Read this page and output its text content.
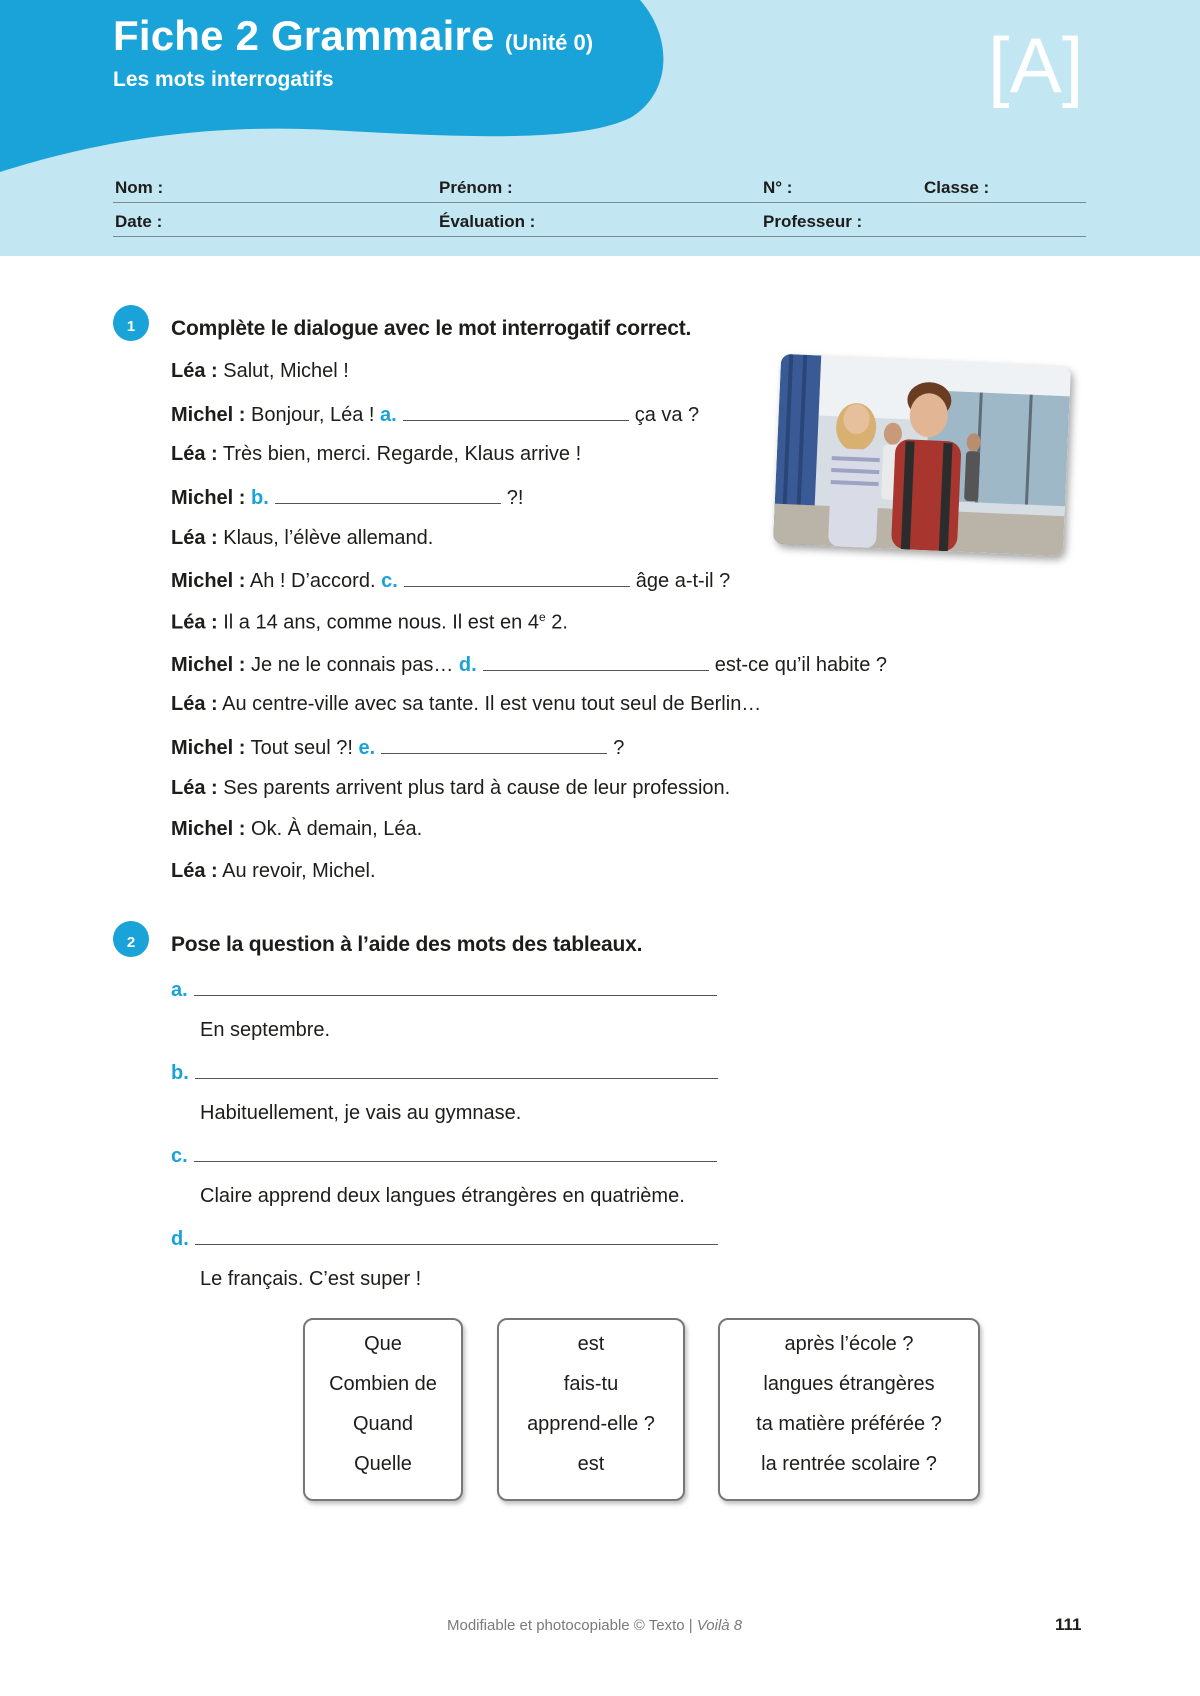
Fiche 2 Grammaire (Unité 0)
Les mots interrogatifs	[A]
Nom :	Prénom :	N° :	Classe :
Date :	Évaluation :	Professeur :
1	Complète le dialogue avec le mot interrogatif correct.
Léa : Salut, Michel !
Michel : Bonjour, Léa ! a.	ça va ?
Léa : Très bien, merci. Regarde, Klaus arrive !
Michel : b.	?!
Léa : Klaus, l’élève allemand.
Michel : Ah ! D’accord. c.	âge a-t-il ?
Léa : Il a 14 ans, comme nous. Il est en 4e 2.
Michel : Je ne le connais pas… d.	est-ce qu’il habite ?
Léa : Au centre-ville avec sa tante. Il est venu tout seul de Berlin…
Michel : Tout seul ?! e.	?
Léa : Ses parents arrivent plus tard à cause de leur profession.
Michel : Ok. À demain, Léa.
Léa : Au revoir, Michel.
2	Pose la question à l’aide des mots des tableaux.
a.
En septembre.
b.
Habituellement, je vais au gymnase.
c.
Claire apprend deux langues étrangères en quatrième.
d.
Le français. C’est super !
Que
Combien de
Quand
Quelle
est
fais-tu
apprend-elle ?
est
après l’école ?
langues étrangères
ta matière préférée ?
la rentrée scolaire ?
Modifiable et photocopiable © Texto | Voilà 8	111
